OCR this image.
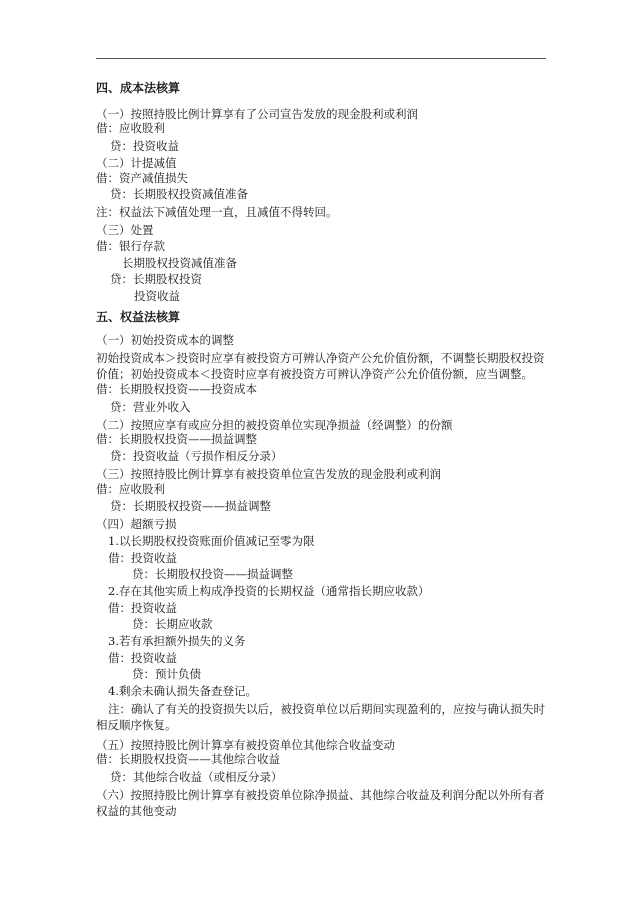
四、成本法核算
（一）按照持股比例计算享有了公司宣告发放的现金股利或利润
借：应收股利
贷：投资收益
（二）计提减值
借：资产减值损失
贷：长期股权投资减值准备
注：权益法下减值处理一直，且减值不得转回。
（三）处置
借：银行存款
长期股权投资减值准备
贷：长期股权投资
投资收益
五、权益法核算
（一）初始投资成本的调整
初始投资成本＞投资时应享有被投资方可辨认净资产公允价值份额，不调整长期股权投资
价值；初始投资成本＜投资时应享有被投资方可辨认净资产公允价值份额，应当调整。
借：长期股权投资——投资成本
贷：营业外收入
（二）按照应享有或应分担的被投资单位实现净损益（经调整）的份额
借：长期股权投资——损益调整
贷：投资收益（亏损作相反分录）
（三）按照持股比例计算享有被投资单位宣告发放的现金股利或利润
借：应收股利
贷：长期股权投资——损益调整
（四）超额亏损
1.以长期股权投资账面价值减记至零为限
借：投资收益
贷：长期股权投资——损益调整
2.存在其他实质上构成净投资的长期权益（通常指长期应收款）
借：投资收益
贷：长期应收款
3.若有承担额外损失的义务
借：投资收益
贷：预计负债
4.剩余未确认损失备查登记。
注：确认了有关的投资损失以后，被投资单位以后期间实现盈利的，应按与确认损失时
相反顺序恢复。
（五）按照持股比例计算享有被投资单位其他综合收益变动
借：长期股权投资——其他综合收益
贷：其他综合收益（或相反分录）
（六）按照持股比例计算享有被投资单位除净损益、其他综合收益及利润分配以外所有者
权益的其他变动
